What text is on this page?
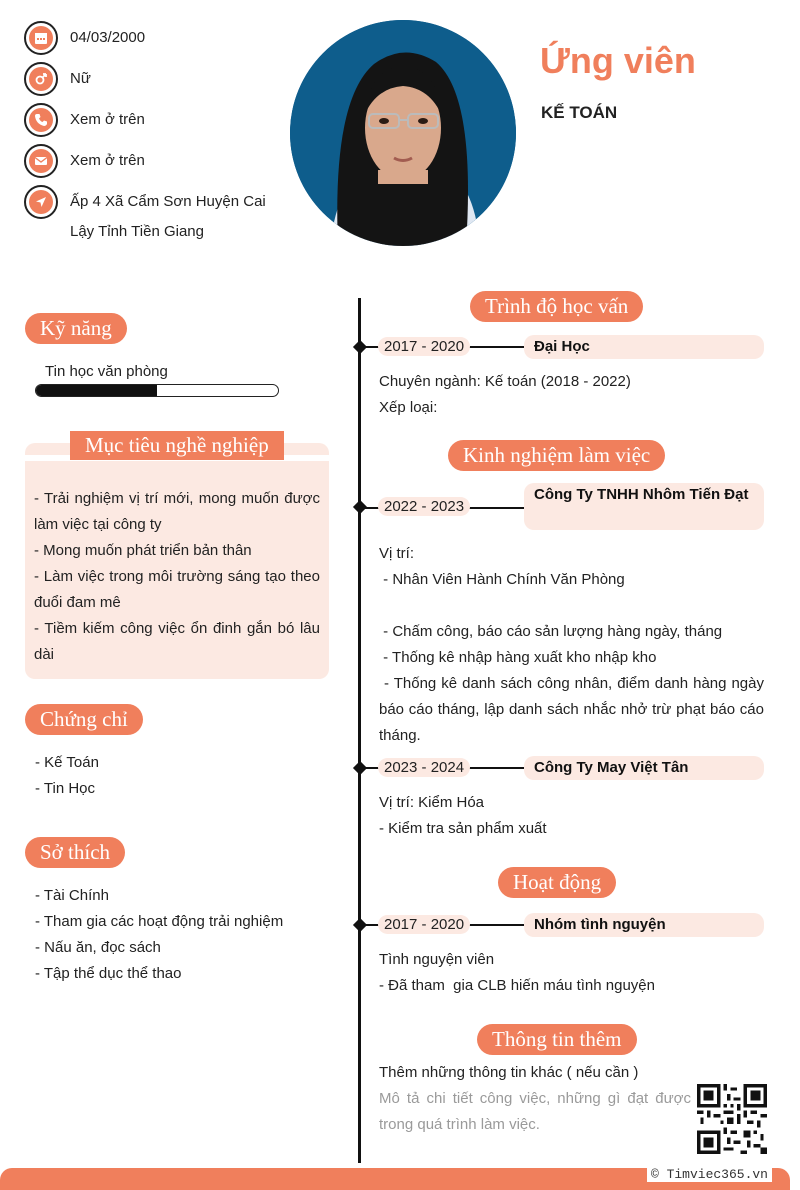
04/03/2000
Nữ
Xem ở trên
Xem ở trên
Ấp 4 Xã Cẩm Sơn Huyện Cai Lậy Tỉnh Tiền Giang
Ứng viên
KẾ TOÁN
Kỹ năng
Tin học văn phòng
Mục tiêu nghề nghiệp
- Trải nghiệm vị trí mới, mong muốn được làm việc tại công ty
- Mong muốn phát triển bản thân
- Làm việc trong môi trường sáng tạo theo đuổi đam mê
- Tiềm kiếm công việc ổn đinh gắn bó lâu dài
Chứng chỉ
- Kế Toán
- Tin Học
Sở thích
- Tài Chính
- Tham gia các hoạt động trải nghiệm
- Nấu ăn, đọc sách
- Tập thể dục thể thao
Trình độ học vấn
Đại Học
2017 - 2020
Chuyên ngành: Kế toán (2018 - 2022)
Xếp loại:
Kinh nghiệm làm việc
Công Ty TNHH Nhôm Tiến Đạt
2022 - 2023
Vị trí:
- Nhân Viên Hành Chính Văn Phòng
- Chấm công, báo cáo sản lượng hàng ngày, tháng
- Thống kê nhập hàng xuất kho nhập kho
- Thống kê danh sách công nhân, điểm danh hàng ngày báo cáo tháng, lập danh sách nhắc nhở trừ phạt báo cáo tháng.
Công Ty May Việt Tân
2023 - 2024
Vị trí: Kiểm Hóa
- Kiểm tra sản phẩm xuất
Hoạt động
Nhóm tình nguyện
2017 - 2020
Tình nguyện viên
- Đã tham  gia CLB hiến máu tình nguyện
Thông tin thêm
Thêm những thông tin khác ( nếu cần )
Mô tả chi tiết công việc, những gì đạt được trong quá trình làm việc.
© Timviec365.vn
